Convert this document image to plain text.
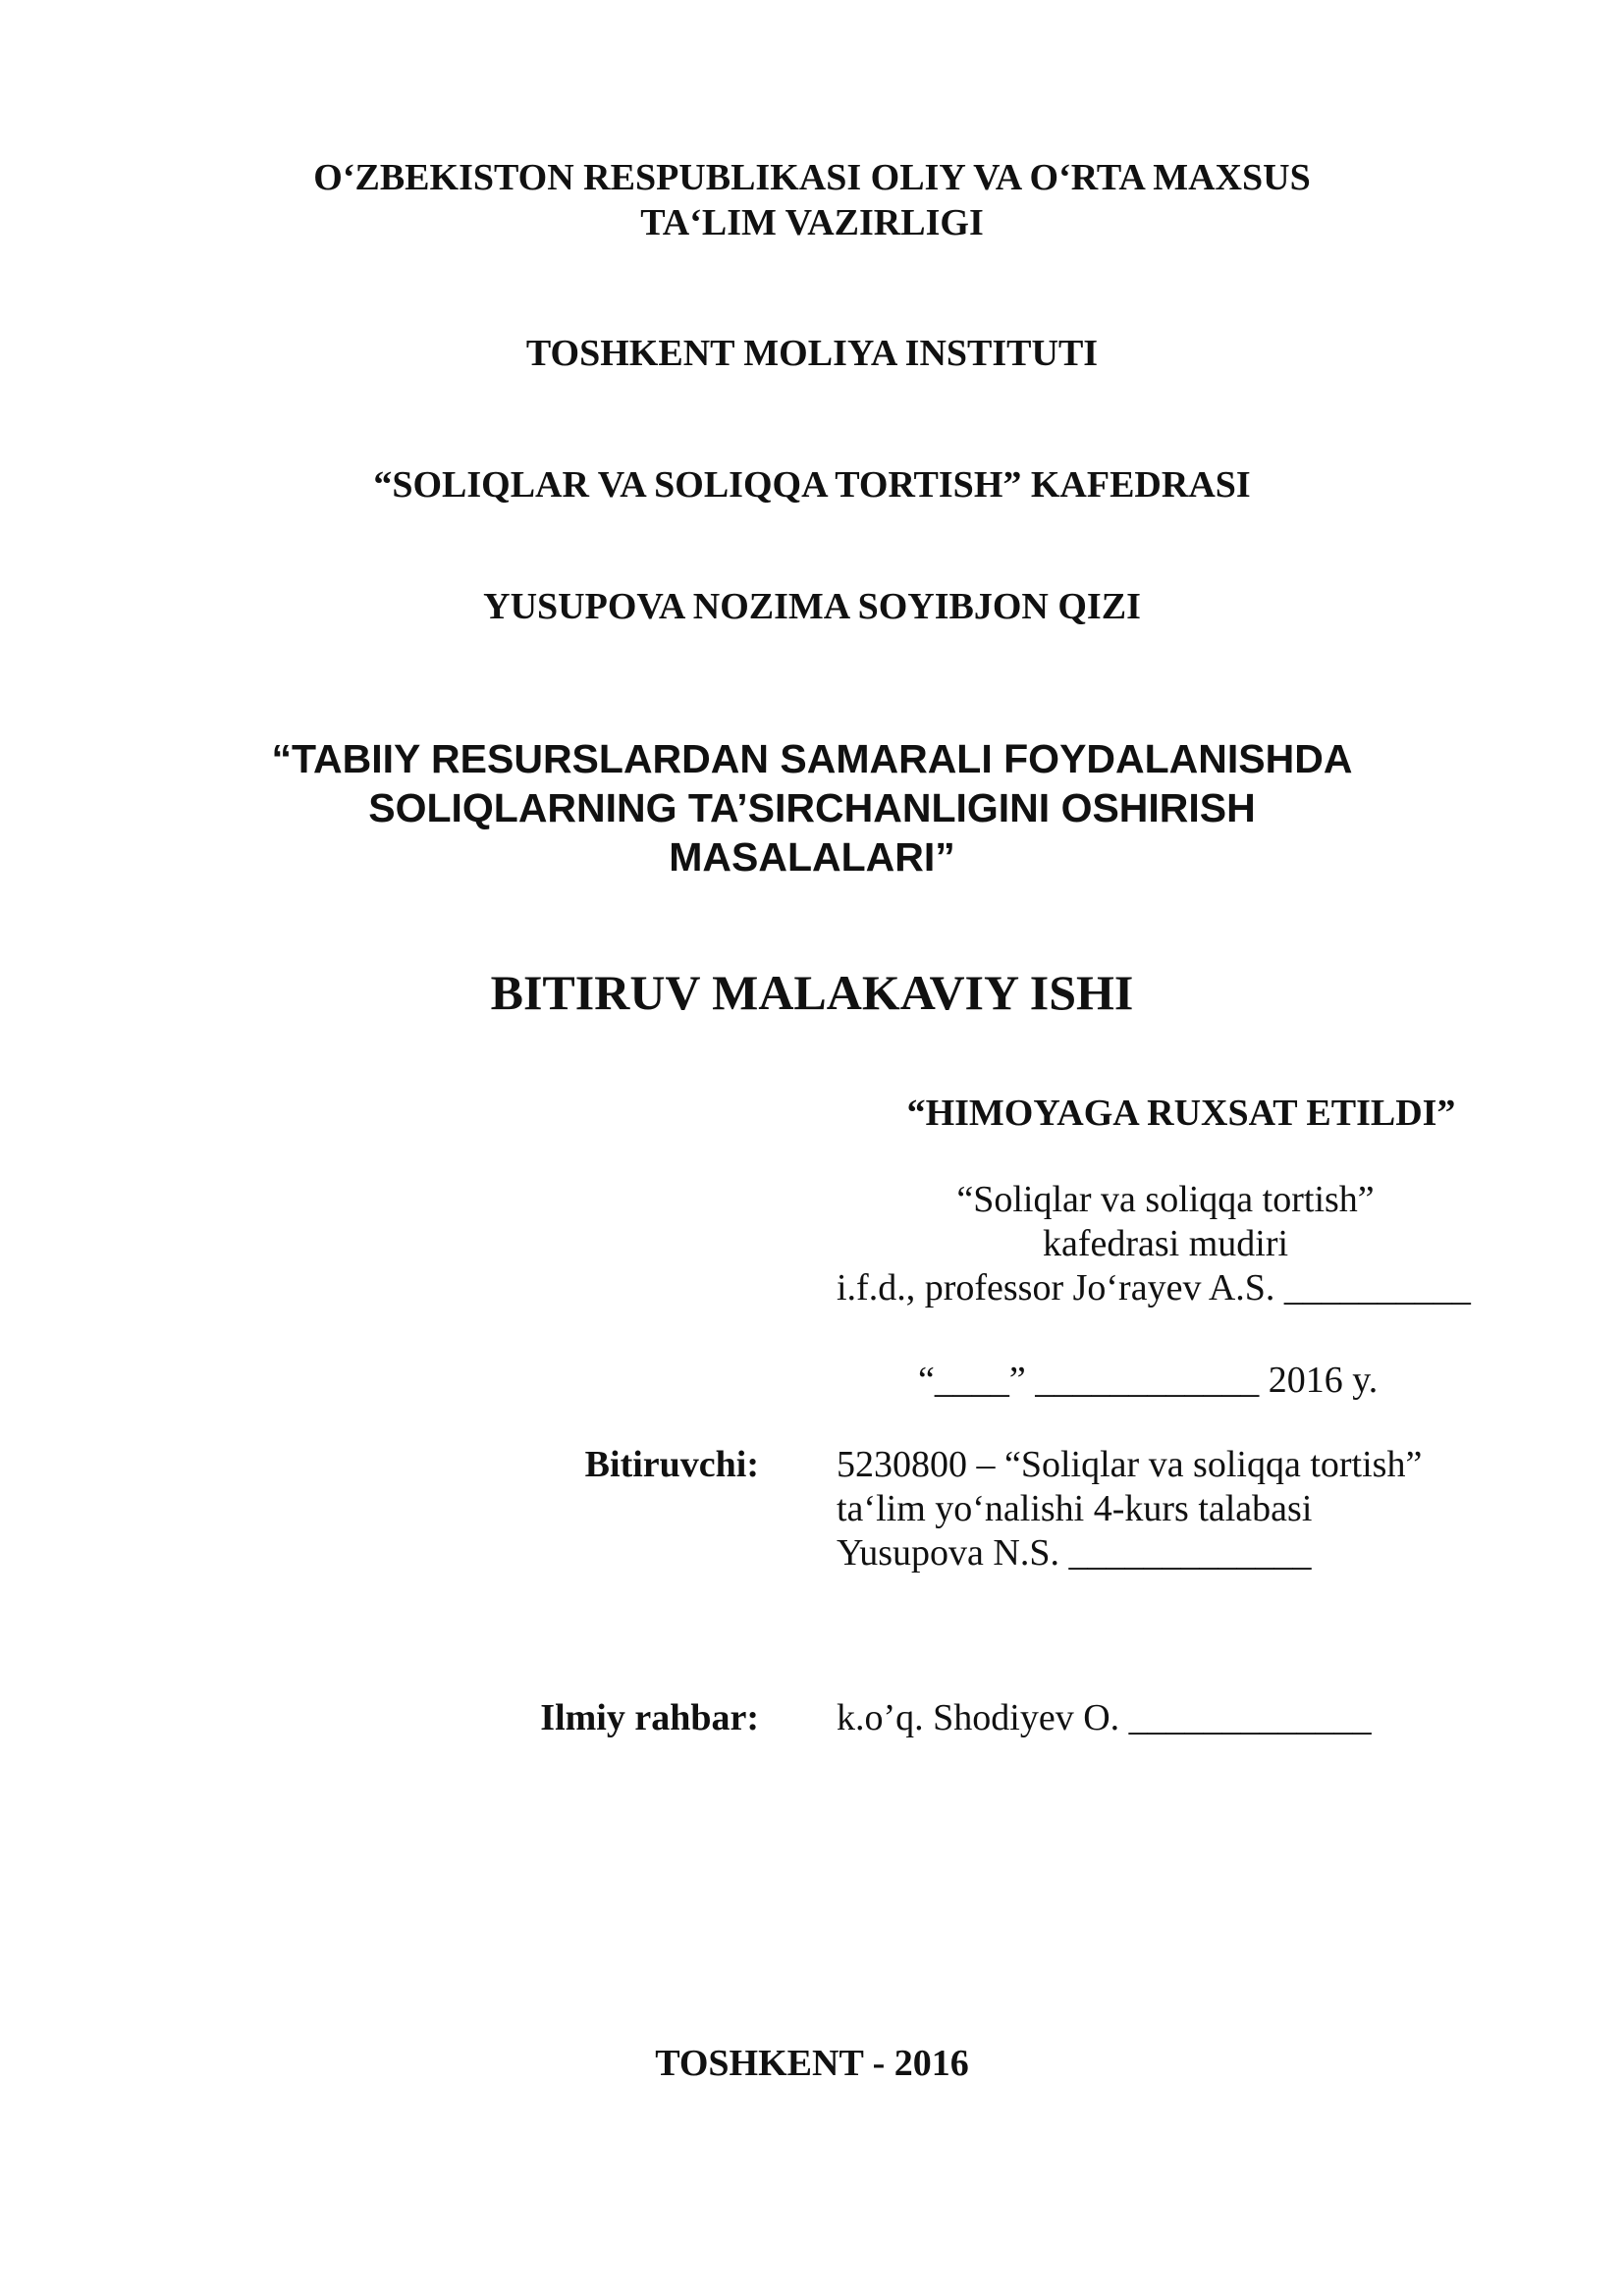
O‘ZBEKISTON RESPUBLIKASI OLIY VA O‘RTA MAXSUS
TA‘LIM VAZIRLIGI
TOSHKENT MOLIYA INSTITUTI
“SOLIQLAR VA SOLIQQA TORTISH” KAFEDRASI
YUSUPOVA NOZIMA SOYIBJON QIZI
“TABIIY RESURSLARDAN SAMARALI FOYDALANISHDA
SOLIQLARNING TA’SIRCHANLIGINI OSHIRISH
MASALALARI”
BITIRUV MALAKAVIY ISHI
“HIMOYAGA RUXSAT ETILDI”
“Soliqlar va soliqqa tortish”
kafedrasi mudiri
i.f.d., professor Jo‘rayev A.S. __________
“____” ____________ 2016 y.
Bitiruvchi: 5230800 – “Soliqlar va soliqqa tortish”
ta‘lim yo‘nalishi 4-kurs talabasi
Yusupova N.S. _____________
Ilmiy rahbar: k.o’q. Shodiyev O. _____________
TOSHKENT - 2016
